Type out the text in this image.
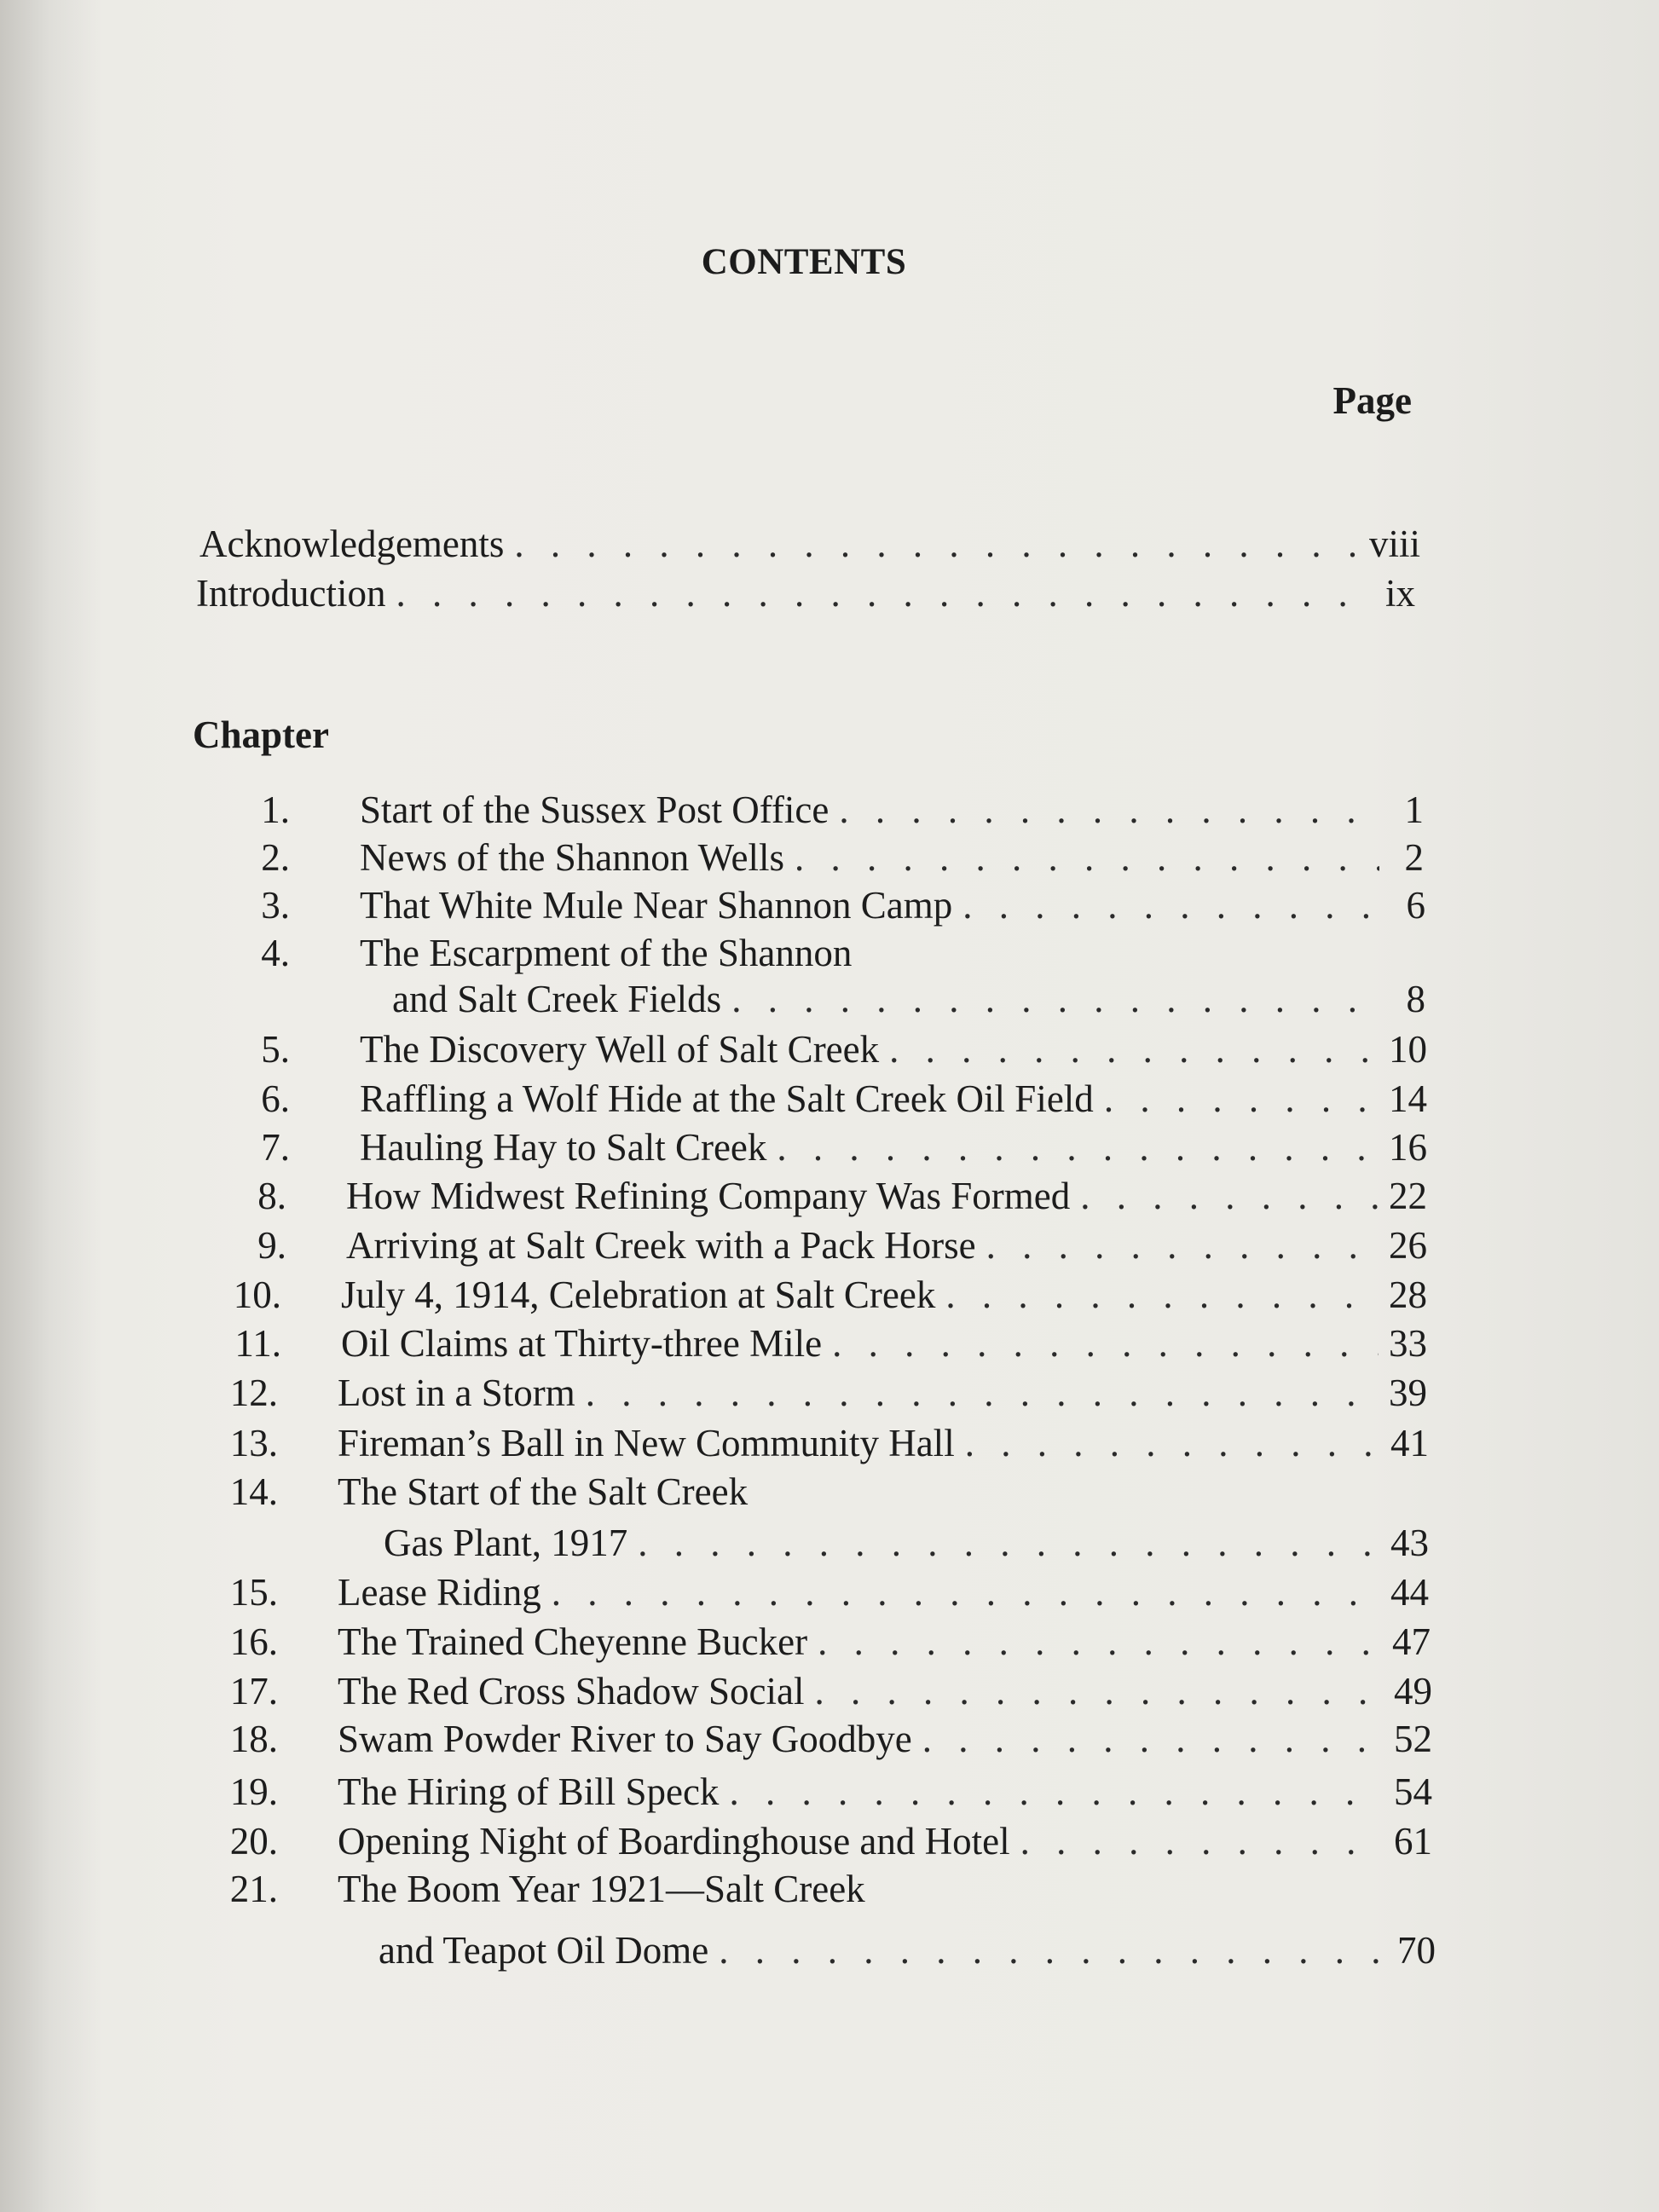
CONTENTS
Page
Acknowledgements . . .	viii
Introduction . . .	ix
Chapter
1. Start of the Sussex Post Office . . .	1
2. News of the Shannon Wells . . .	2
3. That White Mule Near Shannon Camp . . .	6
4. The Escarpment of the Shannon
and Salt Creek Fields . . .	8
5. The Discovery Well of Salt Creek . . .	10
6. Raffling a Wolf Hide at the Salt Creek Oil Field . . .	14
7. Hauling Hay to Salt Creek . . .	16
8. How Midwest Refining Company Was Formed . . .	22
9. Arriving at Salt Creek with a Pack Horse . . .	26
10. July 4, 1914, Celebration at Salt Creek . . .	28
11. Oil Claims at Thirty-three Mile . . .	33
12. Lost in a Storm . . .	39
13. Fireman’s Ball in New Community Hall . . .	41
14. The Start of the Salt Creek
Gas Plant, 1917 . . .	43
15. Lease Riding . . .	44
16. The Trained Cheyenne Bucker . . .	47
17. The Red Cross Shadow Social . . .	49
18. Swam Powder River to Say Goodbye . . .	52
19. The Hiring of Bill Speck . . .	54
20. Opening Night of Boardinghouse and Hotel . . .	61
21. The Boom Year 1921—Salt Creek
and Teapot Oil Dome . . .	70
